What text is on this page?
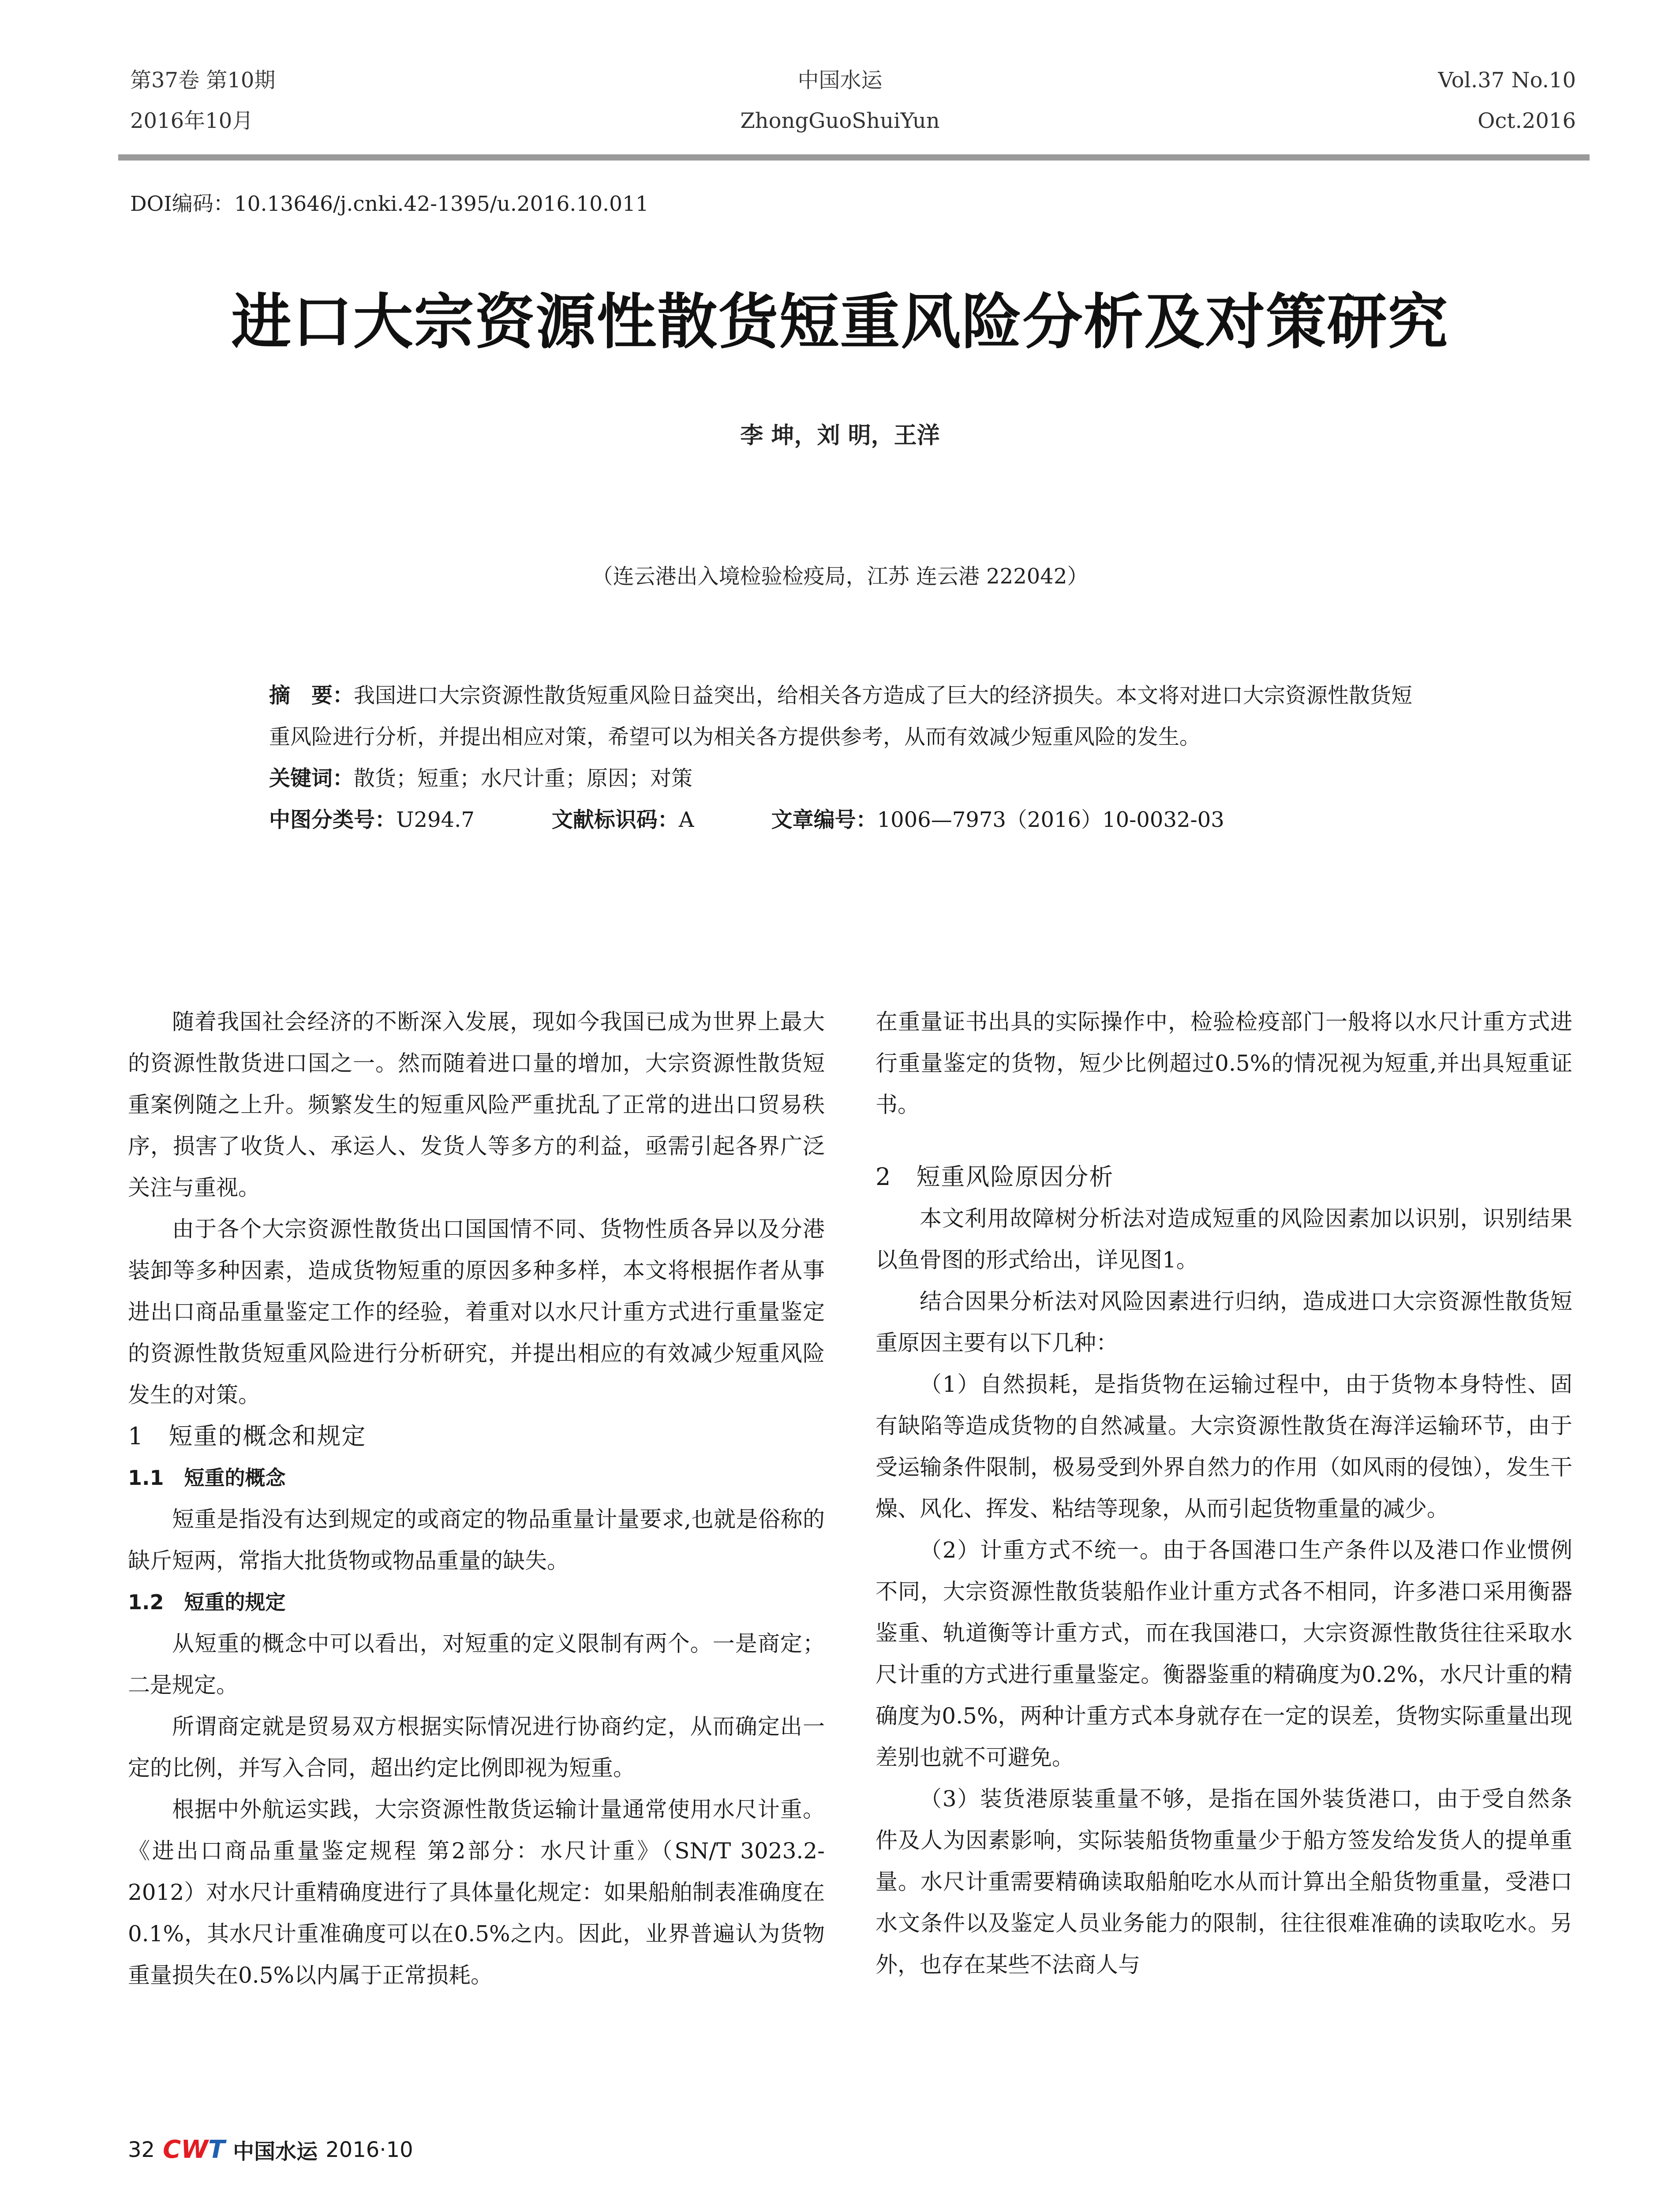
第37卷 第10期
2016年10月
中国水运
ZhongGuoShuiYun
Vol.37 No.10
Oct.2016
DOI编码：10.13646/j.cnki.42-1395/u.2016.10.011
进口大宗资源性散货短重风险分析及对策研究
李 坤，刘 明，王洋
（连云港出入境检验检疫局，江苏 连云港 222042）
摘　要：我国进口大宗资源性散货短重风险日益突出，给相关各方造成了巨大的经济损失。本文将对进口大宗资源性散货短重风险进行分析，并提出相应对策，希望可以为相关各方提供参考，从而有效减少短重风险的发生。
关键词：散货；短重；水尺计重；原因；对策
中图分类号：U294.7	文献标识码：A	文章编号：1006—7973（2016）10-0032-03

随着我国社会经济的不断深入发展，现如今我国已成为世界上最大的资源性散货进口国之一。然而随着进口量的增加，大宗资源性散货短重案例随之上升。频繁发生的短重风险严重扰乱了正常的进出口贸易秩序，损害了收货人、承运人、发货人等多方的利益，亟需引起各界广泛关注与重视。

由于各个大宗资源性散货出口国国情不同、货物性质各异以及分港装卸等多种因素，造成货物短重的原因多种多样，本文将根据作者从事进出口商品重量鉴定工作的经验，着重对以水尺计重方式进行重量鉴定的资源性散货短重风险进行分析研究，并提出相应的有效减少短重风险发生的对策。

1　短重的概念和规定

1.1　短重的概念

短重是指没有达到规定的或商定的物品重量计量要求,也就是俗称的缺斤短两，常指大批货物或物品重量的缺失。

1.2　短重的规定

从短重的概念中可以看出，对短重的定义限制有两个。一是商定；二是规定。

所谓商定就是贸易双方根据实际情况进行协商约定，从而确定出一定的比例，并写入合同，超出约定比例即视为短重。

根据中外航运实践，大宗资源性散货运输计量通常使用水尺计重。《进出口商品重量鉴定规程 第2部分：水尺计重》（SN/T 3023.2-2012）对水尺计重精确度进行了具体量化规定：如果船舶制表准确度在0.1%，其水尺计重准确度可以在0.5%之内。因此，业界普遍认为货物重量损失在0.5%以内属于正常损耗。

在重量证书出具的实际操作中，检验检疫部门一般将以水尺计重方式进行重量鉴定的货物，短少比例超过0.5%的情况视为短重,并出具短重证书。

2　短重风险原因分析

本文利用故障树分析法对造成短重的风险因素加以识别，识别结果以鱼骨图的形式给出，详见图1。

结合因果分析法对风险因素进行归纳，造成进口大宗资源性散货短重原因主要有以下几种：

（1）自然损耗，是指货物在运输过程中，由于货物本身特性、固有缺陷等造成货物的自然减量。大宗资源性散货在海洋运输环节，由于受运输条件限制，极易受到外界自然力的作用（如风雨的侵蚀），发生干燥、风化、挥发、粘结等现象，从而引起货物重量的减少。

（2）计重方式不统一。由于各国港口生产条件以及港口作业惯例不同，大宗资源性散货装船作业计重方式各不相同，许多港口采用衡器鉴重、轨道衡等计重方式，而在我国港口，大宗资源性散货往往采取水尺计重的方式进行重量鉴定。衡器鉴重的精确度为0.2%，水尺计重的精确度为0.5%，两种计重方式本身就存在一定的误差，货物实际重量出现差别也就不可避免。

（3）装货港原装重量不够，是指在国外装货港口，由于受自然条件及人为因素影响，实际装船货物重量少于船方签发给发货人的提单重量。水尺计重需要精确读取船舶吃水从而计算出全船货物重量，受港口水文条件以及鉴定人员业务能力的限制，往往很难准确的读取吃水。另外，也存在某些不法商人与

32 CWT 中国水运 2016·10
